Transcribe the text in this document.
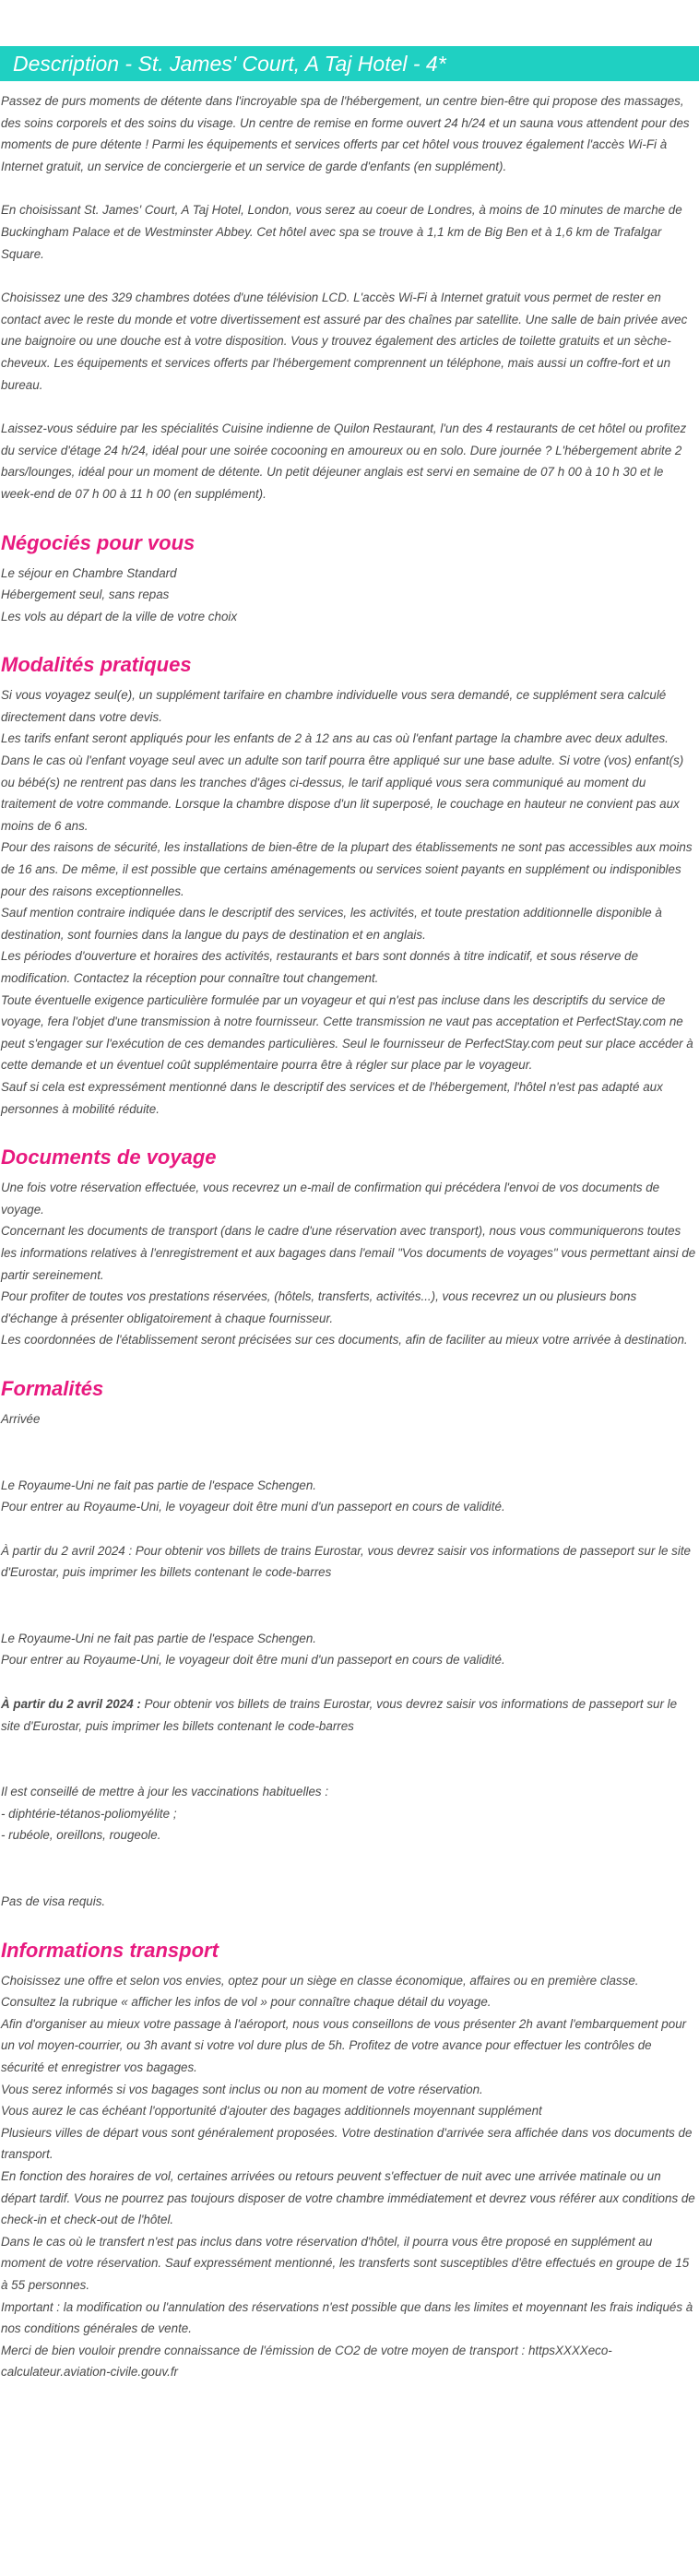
Description - St. James' Court, A Taj Hotel - 4*

Passez de purs moments de détente dans l'incroyable spa de l'hébergement, un centre bien-être qui propose des massages, des soins corporels et des soins du visage. Un centre de remise en forme ouvert 24 h/24 et un sauna vous attendent pour des moments de pure détente ! Parmi les équipements et services offerts par cet hôtel vous trouvez également l'accès Wi-Fi à Internet gratuit, un service de conciergerie et un service de garde d'enfants (en supplément).

En choisissant St. James' Court, A Taj Hotel, London, vous serez au coeur de Londres, à moins de 10 minutes de marche de Buckingham Palace et de Westminster Abbey. Cet hôtel avec spa se trouve à 1,1 km de Big Ben et à 1,6 km de Trafalgar Square.

Choisissez une des 329 chambres dotées d'une télévision LCD. L'accès Wi-Fi à Internet gratuit vous permet de rester en contact avec le reste du monde et votre divertissement est assuré par des chaînes par satellite. Une salle de bain privée avec une baignoire ou une douche est à votre disposition. Vous y trouvez également des articles de toilette gratuits et un sèche-cheveux. Les équipements et services offerts par l'hébergement comprennent un téléphone, mais aussi un coffre-fort et un bureau.

Laissez-vous séduire par les spécialités Cuisine indienne de Quilon Restaurant, l'un des 4 restaurants de cet hôtel ou profitez du service d'étage 24 h/24, idéal pour une soirée cocooning en amoureux ou en solo. Dure journée ? L'hébergement abrite 2 bars/lounges, idéal pour un moment de détente. Un petit déjeuner anglais est servi en semaine de 07 h 00 à 10 h 30 et le week-end de 07 h 00 à 11 h 00 (en supplément).

Négociés pour vous
Le séjour en Chambre Standard
Hébergement seul, sans repas
Les vols au départ de la ville de votre choix
Modalités pratiques
Si vous voyagez seul(e), un supplément tarifaire en chambre individuelle vous sera demandé, ce supplément sera calculé directement dans votre devis.
Les tarifs enfant seront appliqués pour les enfants de 2 à 12 ans au cas où l'enfant partage la chambre avec deux adultes. Dans le cas où l'enfant voyage seul avec un adulte son tarif pourra être appliqué sur une base adulte. Si votre (vos) enfant(s) ou bébé(s) ne rentrent pas dans les tranches d'âges ci-dessus, le tarif appliqué vous sera communiqué au moment du traitement de votre commande. Lorsque la chambre dispose d'un lit superposé, le couchage en hauteur ne convient pas aux moins de 6 ans.
Pour des raisons de sécurité, les installations de bien-être de la plupart des établissements ne sont pas accessibles aux moins de 16 ans. De même, il est possible que certains aménagements ou services soient payants en supplément ou indisponibles pour des raisons exceptionnelles.
Sauf mention contraire indiquée dans le descriptif des services, les activités, et toute prestation additionnelle disponible à destination, sont fournies dans la langue du pays de destination et en anglais.
Les périodes d'ouverture et horaires des activités, restaurants et bars sont donnés à titre indicatif, et sous réserve de modification. Contactez la réception pour connaître tout changement.
Toute éventuelle exigence particulière formulée par un voyageur et qui n'est pas incluse dans les descriptifs du service de voyage, fera l'objet d'une transmission à notre fournisseur. Cette transmission ne vaut pas acceptation et PerfectStay.com ne peut s'engager sur l'exécution de ces demandes particulières. Seul le fournisseur de PerfectStay.com peut sur place accéder à cette demande et un éventuel coût supplémentaire pourra être à régler sur place par le voyageur.
Sauf si cela est expressément mentionné dans le descriptif des services et de l'hébergement, l'hôtel n'est pas adapté aux personnes à mobilité réduite.
Documents de voyage
Une fois votre réservation effectuée, vous recevrez un e-mail de confirmation qui précédera l'envoi de vos documents de voyage.
Concernant les documents de transport (dans le cadre d'une réservation avec transport), nous vous communiquerons toutes les informations relatives à l'enregistrement et aux bagages dans l'email "Vos documents de voyages" vous permettant ainsi de partir sereinement.
Pour profiter de toutes vos prestations réservées, (hôtels, transferts, activités...), vous recevrez un ou plusieurs bons d'échange à présenter obligatoirement à chaque fournisseur.
Les coordonnées de l'établissement seront précisées sur ces documents, afin de faciliter au mieux votre arrivée à destination.
Formalités
Arrivée
Le Royaume-Uni ne fait pas partie de l'espace Schengen.
Pour entrer au Royaume-Uni, le voyageur doit être muni d'un passeport en cours de validité.

À partir du 2 avril 2024 : Pour obtenir vos billets de trains Eurostar, vous devrez saisir vos informations de passeport sur le site d'Eurostar, puis imprimer les billets contenant le code-barres

Le Royaume-Uni ne fait pas partie de l'espace Schengen.
Pour entrer au Royaume-Uni, le voyageur doit être muni d'un passeport en cours de validité.

À partir du 2 avril 2024 : Pour obtenir vos billets de trains Eurostar, vous devrez saisir vos informations de passeport sur le site d'Eurostar, puis imprimer les billets contenant le code-barres

Il est conseillé de mettre à jour les vaccinations habituelles :
- diphtérie-tétanos-poliomyélite ;
- rubéole, oreillons, rougeole.
Pas de visa requis.
Informations transport
Choisissez une offre et selon vos envies, optez pour un siège en classe économique, affaires ou en première classe.
Consultez la rubrique « afficher les infos de vol » pour connaître chaque détail du voyage.
Afin d'organiser au mieux votre passage à l'aéroport, nous vous conseillons de vous présenter 2h avant l'embarquement pour un vol moyen-courrier, ou 3h avant si votre vol dure plus de 5h. Profitez de votre avance pour effectuer les contrôles de sécurité et enregistrer vos bagages.
Vous serez informés si vos bagages sont inclus ou non au moment de votre réservation.
Vous aurez le cas échéant l'opportunité d'ajouter des bagages additionnels moyennant supplément
Plusieurs villes de départ vous sont généralement proposées. Votre destination d'arrivée sera affichée dans vos documents de transport.
En fonction des horaires de vol, certaines arrivées ou retours peuvent s'effectuer de nuit avec une arrivée matinale ou un départ tardif. Vous ne pourrez pas toujours disposer de votre chambre immédiatement et devrez vous référer aux conditions de check-in et check-out de l'hôtel.
Dans le cas où le transfert n'est pas inclus dans votre réservation d'hôtel, il pourra vous être proposé en supplément au moment de votre réservation. Sauf expressément mentionné, les transferts sont susceptibles d'être effectués en groupe de 15 à 55 personnes.
Important : la modification ou l'annulation des réservations n'est possible que dans les limites et moyennant les frais indiqués à nos conditions générales de vente.
Merci de bien vouloir prendre connaissance de l'émission de CO2 de votre moyen de transport : httpsXXXXeco-calculateur.aviation-civile.gouv.fr
